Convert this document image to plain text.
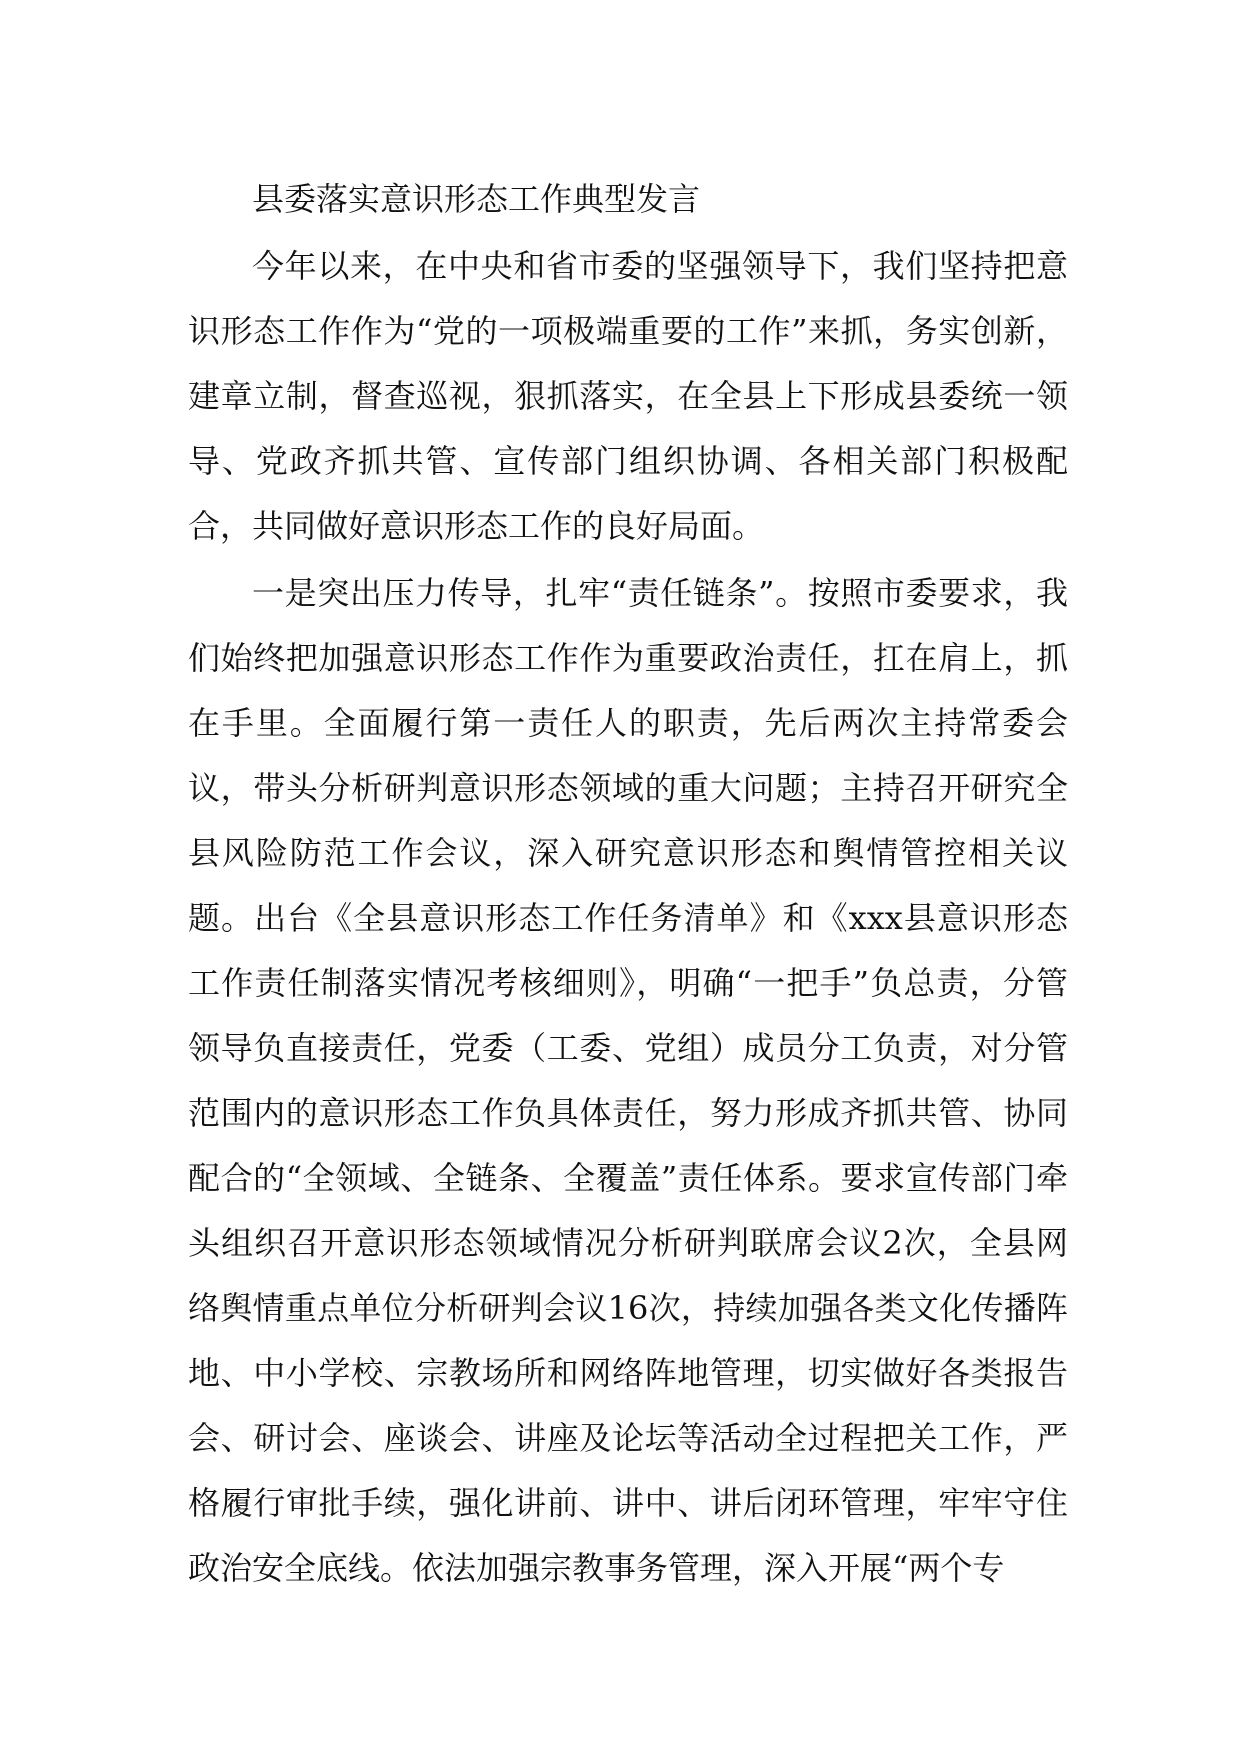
县委落实意识形态工作典型发言

今年以来，在中央和省市委的坚强领导下，我们坚持把意识形态工作作为“党的一项极端重要的工作”来抓，务实创新，建章立制，督查巡视，狠抓落实，在全县上下形成县委统一领导、党政齐抓共管、宣传部门组织协调、各相关部门积极配合，共同做好意识形态工作的良好局面。

一是突出压力传导，扎牢“责任链条”。按照市委要求，我们始终把加强意识形态工作作为重要政治责任，扛在肩上，抓在手里。全面履行第一责任人的职责，先后两次主持常委会议，带头分析研判意识形态领域的重大问题；主持召开研究全县风险防范工作会议，深入研究意识形态和舆情管控相关议题。出台《全县意识形态工作任务清单》和《xxx县意识形态工作责任制落实情况考核细则》，明确“一把手”负总责，分管领导负直接责任，党委（工委、党组）成员分工负责，对分管范围内的意识形态工作负具体责任，努力形成齐抓共管、协同配合的“全领域、全链条、全覆盖”责任体系。要求宣传部门牵头组织召开意识形态领域情况分析研判联席会议2次，全县网络舆情重点单位分析研判会议16次，持续加强各类文化传播阵地、中小学校、宗教场所和网络阵地管理，切实做好各类报告会、研讨会、座谈会、讲座及论坛等活动全过程把关工作，严格履行审批手续，强化讲前、讲中、讲后闭环管理，牢牢守住政治安全底线。依法加强宗教事务管理，深入开展“两个专
